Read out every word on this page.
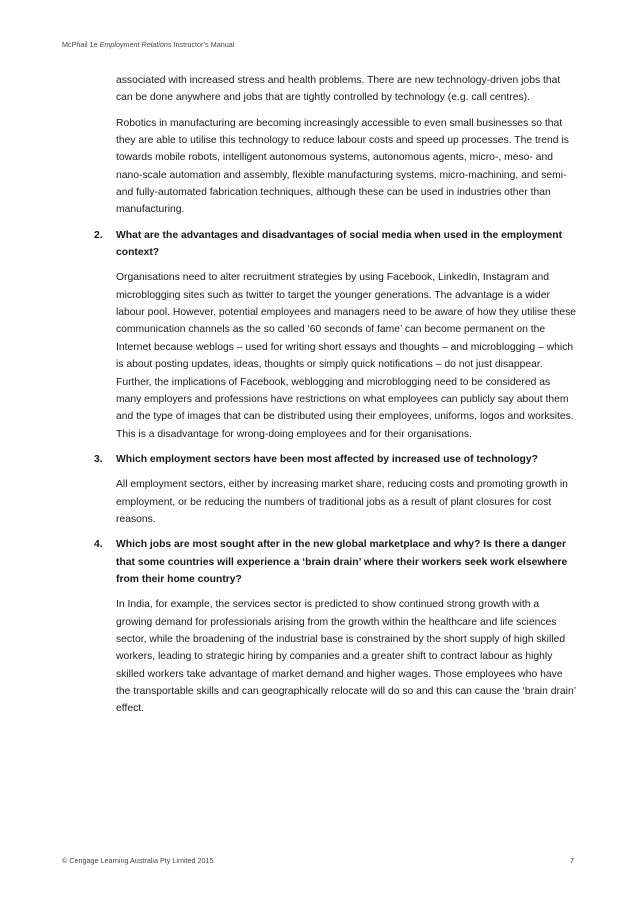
McPhail 1e Employment Relations Instructor’s Manual

associated with increased stress and health problems. There are new technology-driven jobs that can be done anywhere and jobs that are tightly controlled by technology (e.g. call centres).

Robotics in manufacturing are becoming increasingly accessible to even small businesses so that they are able to utilise this technology to reduce labour costs and speed up processes. The trend is towards mobile robots, intelligent autonomous systems, autonomous agents, micro-, meso- and nano-scale automation and assembly, flexible manufacturing systems, micro-machining, and semi- and fully-automated fabrication techniques, although these can be used in industries other than manufacturing.

2. What are the advantages and disadvantages of social media when used in the employment context?

Organisations need to alter recruitment strategies by using Facebook, LinkedIn, Instagram and microblogging sites such as twitter to target the younger generations. The advantage is a wider labour pool. However, potential employees and managers need to be aware of how they utilise these communication channels as the so called ‘60 seconds of fame’ can become permanent on the Internet because weblogs – used for writing short essays and thoughts – and microblogging – which is about posting updates, ideas, thoughts or simply quick notifications – do not just disappear. Further, the implications of Facebook, weblogging and microblogging need to be considered as many employers and professions have restrictions on what employees can publicly say about them and the type of images that can be distributed using their employees, uniforms, logos and worksites. This is a disadvantage for wrong-doing employees and for their organisations.

3. Which employment sectors have been most affected by increased use of technology?

All employment sectors, either by increasing market share, reducing costs and promoting growth in employment, or be reducing the numbers of traditional jobs as a result of plant closures for cost reasons.

4. Which jobs are most sought after in the new global marketplace and why? Is there a danger that some countries will experience a ‘brain drain’ where their workers seek work elsewhere from their home country?

In India, for example, the services sector is predicted to show continued strong growth with a growing demand for professionals arising from the growth within the healthcare and life sciences sector, while the broadening of the industrial base is constrained by the short supply of high skilled workers, leading to strategic hiring by companies and a greater shift to contract labour as highly skilled workers take advantage of market demand and higher wages. Those employees who have the transportable skills and can geographically relocate will do so and this can cause the ‘brain drain’ effect.

© Cengage Learning Australia Pty Limited 2015	7
